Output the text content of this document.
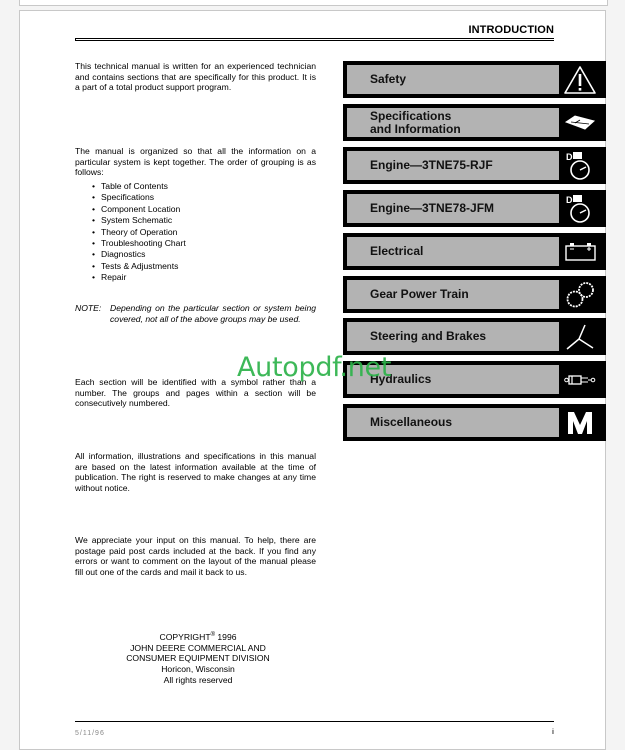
INTRODUCTION
This technical manual is written for an experienced technician and contains sections that are specifically for this product. It is a part of a total product support program.
The manual is organized so that all the information on a particular system is kept together. The order of grouping is as follows:
• Table of Contents
• Specifications
• Component Location
• System Schematic
• Theory of Operation
• Troubleshooting Chart
• Diagnostics
• Tests & Adjustments
• Repair
NOTE:	Depending on the particular section or system being covered, not all of the above groups may be used.
Each section will be identified with a symbol rather than a number. The groups and pages within a section will be consecutively numbered.
All information, illustrations and specifications in this manual are based on the latest information available at the time of publication. The right is reserved to make changes at any time without notice.
We appreciate your input on this manual. To help, there are postage paid post cards included at the back. If you find any errors or want to comment on the layout of the manual please fill out one of the cards and mail it back to us.
COPYRIGHT® 1996
JOHN DEERE COMMERCIAL AND
CONSUMER EQUIPMENT DIVISION
Horicon, Wisconsin
All rights reserved
5/11/96	i
Safety
Specifications
and Information
Engine—3TNE75-RJF
D
Engine—3TNE78-JFM
D
Electrical
Gear Power Train
Steering and Brakes
Hydraulics
Miscellaneous
Autopdf.net
